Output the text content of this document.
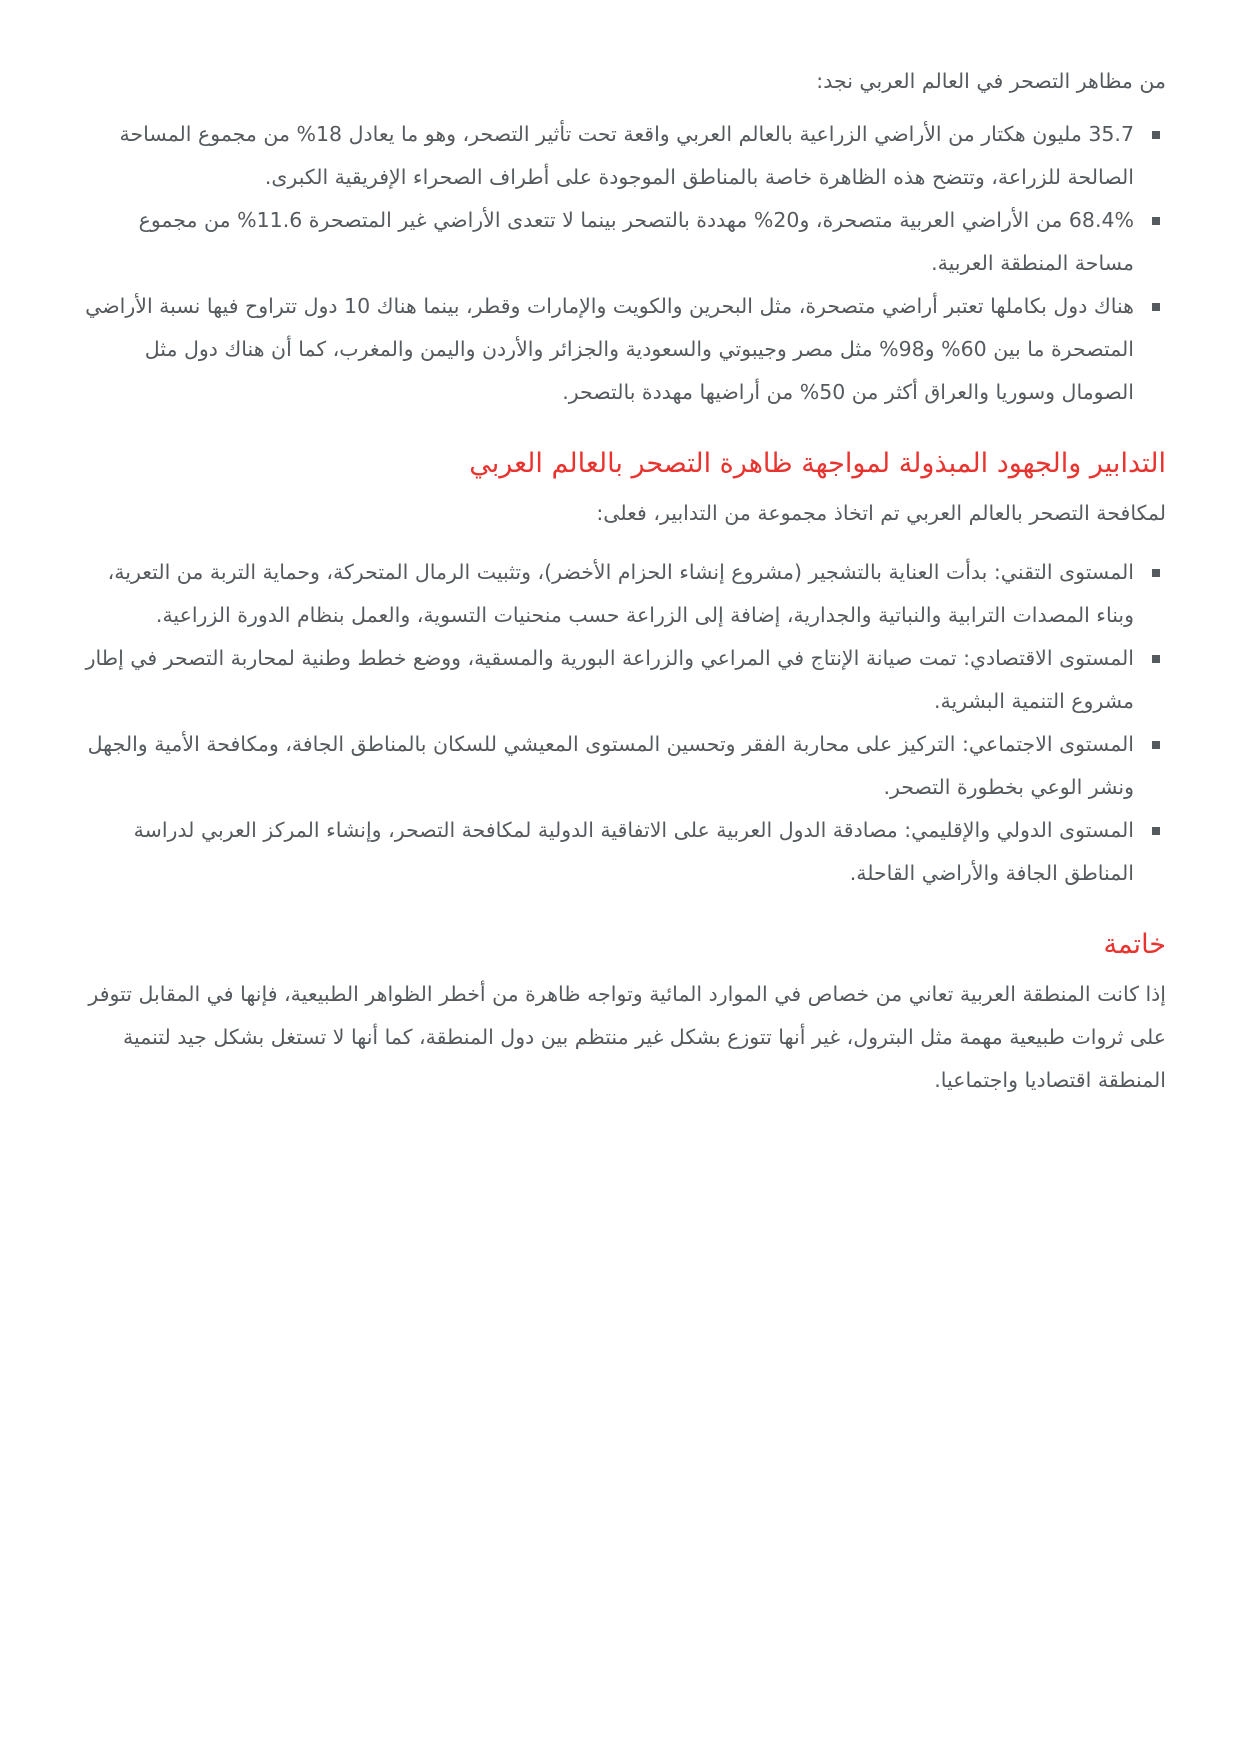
من مظاهر التصحر في العالم العربي نجد:

35.7 مليون هكتار من الأراضي الزراعية بالعالم العربي واقعة تحت تأثير التصحر، وهو ما يعادل 18% من مجموع المساحة الصالحة للزراعة، وتتضح هذه الظاهرة خاصة بالمناطق الموجودة على أطراف الصحراء الإفريقية الكبرى.
68.4% من الأراضي العربية متصحرة، و20% مهددة بالتصحر بينما لا تتعدى الأراضي غير المتصحرة 11.6% من مجموع مساحة المنطقة العربية.
هناك دول بكاملها تعتبر أراضي متصحرة، مثل البحرين والكويت والإمارات وقطر، بينما هناك 10 دول تتراوح فيها نسبة الأراضي المتصحرة ما بين 60% و98% مثل مصر وجيبوتي والسعودية والجزائر والأردن واليمن والمغرب، كما أن هناك دول مثل الصومال وسوريا والعراق أكثر من 50% من أراضيها مهددة بالتصحر.
التدابير والجهود المبذولة لمواجهة ظاهرة التصحر بالعالم العربي

لمكافحة التصحر بالعالم العربي تم اتخاذ مجموعة من التدابير، فعلى:

المستوى التقني: بدأت العناية بالتشجير (مشروع إنشاء الحزام الأخضر)، وتثبيت الرمال المتحركة، وحماية التربة من التعرية، وبناء المصدات الترابية والنباتية والجدارية، إضافة إلى الزراعة حسب منحنيات التسوية، والعمل بنظام الدورة الزراعية.
المستوى الاقتصادي: تمت صيانة الإنتاج في المراعي والزراعة البورية والمسقية، ووضع خطط وطنية لمحاربة التصحر في إطار مشروع التنمية البشرية.
المستوى الاجتماعي: التركيز على محاربة الفقر وتحسين المستوى المعيشي للسكان بالمناطق الجافة، ومكافحة الأمية والجهل ونشر الوعي بخطورة التصحر.
المستوى الدولي والإقليمي: مصادقة الدول العربية على الاتفاقية الدولية لمكافحة التصحر، وإنشاء المركز العربي لدراسة المناطق الجافة والأراضي القاحلة.
خاتمة

إذا كانت المنطقة العربية تعاني من خصاص في الموارد المائية وتواجه ظاهرة من أخطر الظواهر الطبيعية، فإنها في المقابل تتوفر على ثروات طبيعية مهمة مثل البترول، غير أنها تتوزع بشكل غير منتظم بين دول المنطقة، كما أنها لا تستغل بشكل جيد لتنمية المنطقة اقتصاديا واجتماعيا.
